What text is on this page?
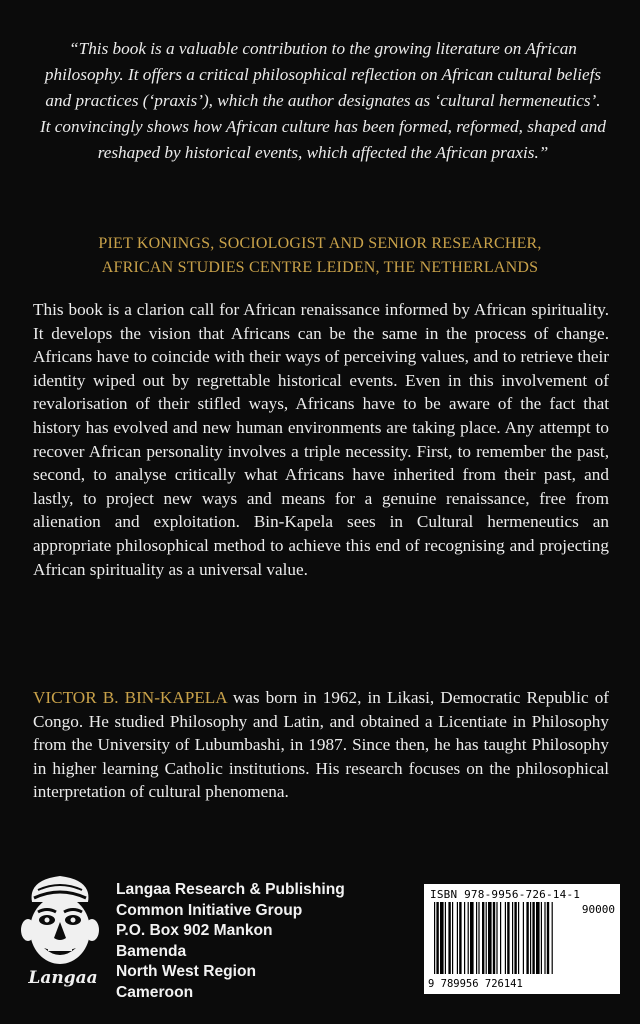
“This book is a valuable contribution to the growing literature on African philosophy. It offers a critical philosophical reflection on African cultural beliefs and practices (‘praxis’), which the author designates as ‘cultural hermeneutics’. It convincingly shows how African culture has been formed, reformed, shaped and reshaped by historical events, which affected the African praxis.”
PIET KONINGS, SOCIOLOGIST AND SENIOR RESEARCHER,
AFRICAN STUDIES CENTRE LEIDEN, THE NETHERLANDS
This book is a clarion call for African renaissance informed by African spirituality. It develops the vision that Africans can be the same in the process of change. Africans have to coincide with their ways of perceiving values, and to retrieve their identity wiped out by regrettable historical events. Even in this involvement of revalorisation of their stifled ways, Africans have to be aware of the fact that history has evolved and new human environments are taking place. Any attempt to recover African personality involves a triple necessity. First, to remember the past, second, to analyse critically what Africans have inherited from their past, and lastly, to project new ways and means for a genuine renaissance, free from alienation and exploitation. Bin-Kapela sees in Cultural hermeneutics an appropriate philosophical method to achieve this end of recognising and projecting African spirituality as a universal value.
VICTOR B. BIN-KAPELA was born in 1962, in Likasi, Democratic Republic of Congo. He studied Philosophy and Latin, and obtained a Licentiate in Philosophy from the University of Lubumbashi, in 1987. Since then, he has taught Philosophy in higher learning Catholic institutions. His research focuses on the philosophical interpretation of cultural phenomena.
Langaa
Langaa Research & Publishing
Common Initiative Group
P.O. Box 902 Mankon
Bamenda
North West Region
Cameroon
ISBN 978-9956-726-14-1
90000
9 789956 726141
